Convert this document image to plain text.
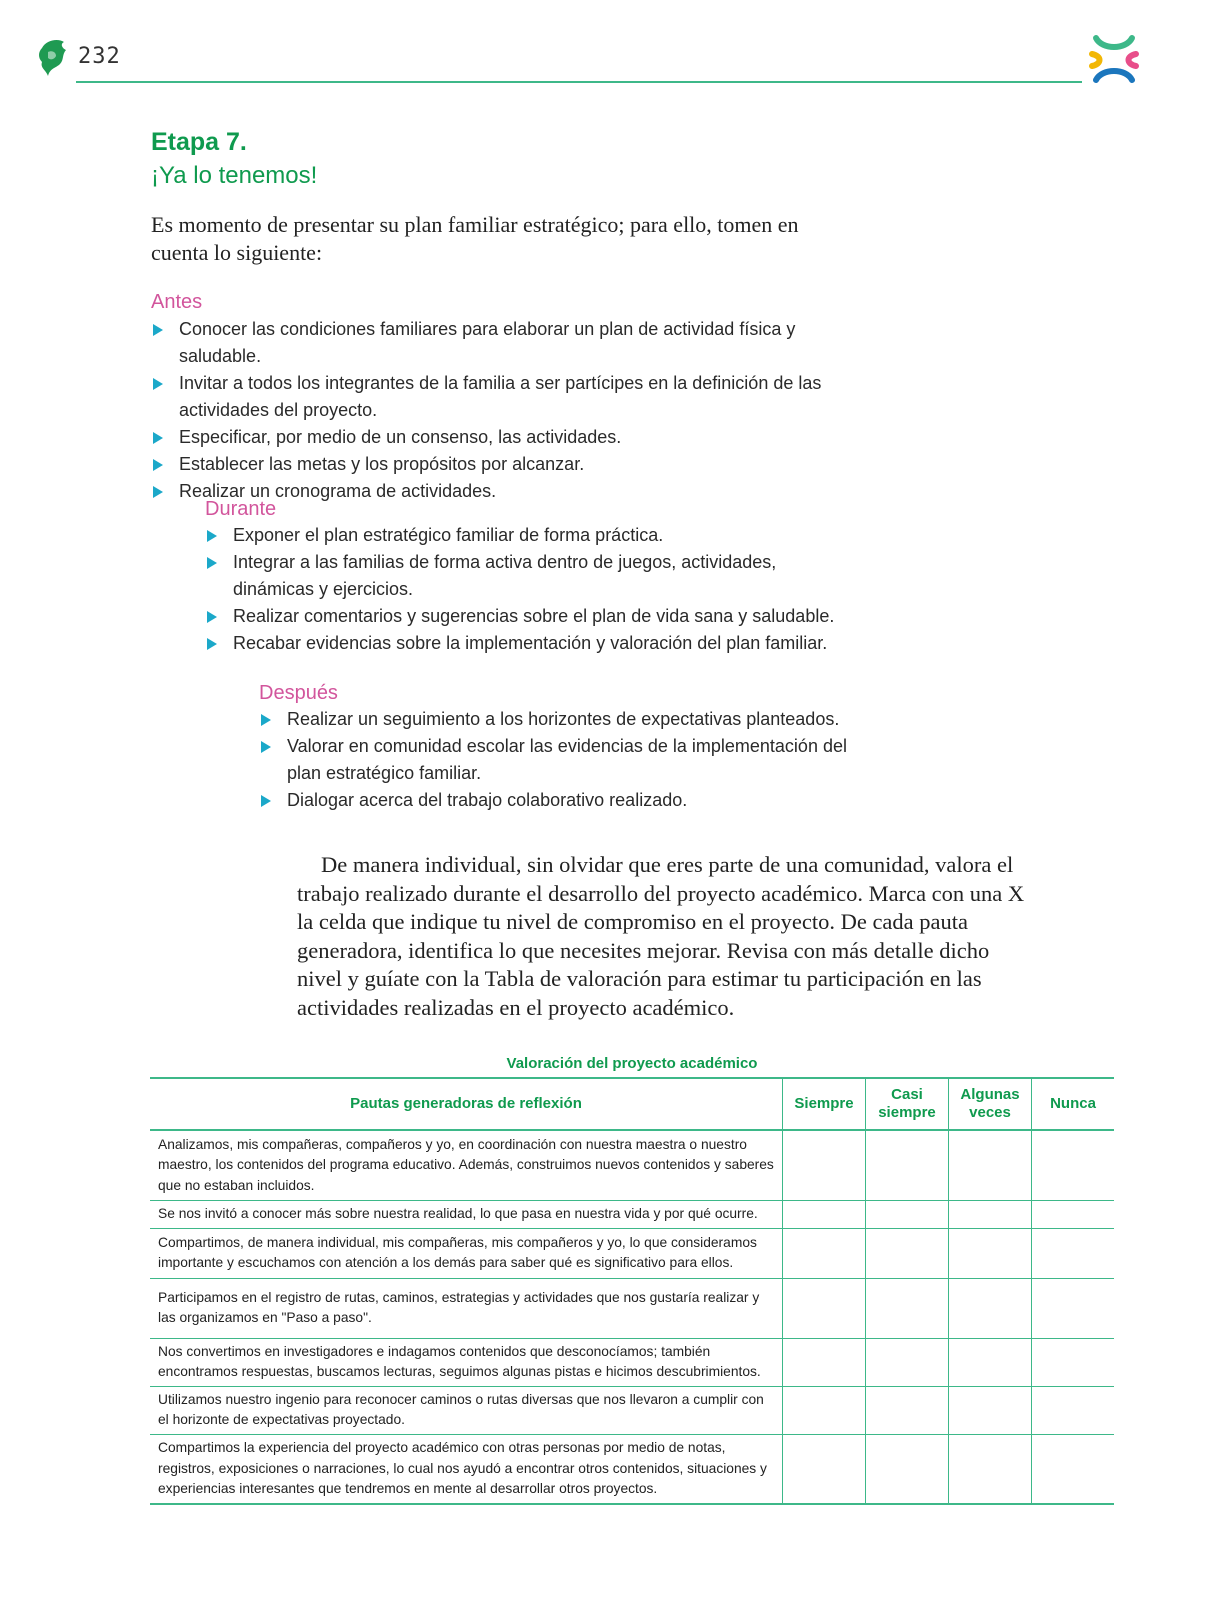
232
Etapa 7.
¡Ya lo tenemos!
Es momento de presentar su plan familiar estratégico; para ello, tomen en cuenta lo siguiente:
Antes
Conocer las condiciones familiares para elaborar un plan de actividad física y saludable.
Invitar a todos los integrantes de la familia a ser partícipes en la definición de las actividades del proyecto.
Especificar, por medio de un consenso, las actividades.
Establecer las metas y los propósitos por alcanzar.
Realizar un cronograma de actividades.
Durante
Exponer el plan estratégico familiar de forma práctica.
Integrar a las familias de forma activa dentro de juegos, actividades, dinámicas y ejercicios.
Realizar comentarios y sugerencias sobre el plan de vida sana y saludable.
Recabar evidencias sobre la implementación y valoración del plan familiar.
Después
Realizar un seguimiento a los horizontes de expectativas planteados.
Valorar en comunidad escolar las evidencias de la implementación del plan estratégico familiar.
Dialogar acerca del trabajo colaborativo realizado.
De manera individual, sin olvidar que eres parte de una comunidad, valora el trabajo realizado durante el desarrollo del proyecto académico. Marca con una X la celda que indique tu nivel de compromiso en el proyecto. De cada pauta generadora, identifica lo que necesites mejorar. Revisa con más detalle dicho nivel y guíate con la Tabla de valoración para estimar tu participación en las actividades realizadas en el proyecto académico.
Valoración del proyecto académico
Pautas generadoras de reflexión	Siempre	Casi siempre	Algunas veces	Nunca
Analizamos, mis compañeras, compañeros y yo, en coordinación con nuestra maestra o nuestro maestro, los contenidos del programa educativo. Además, construimos nuevos contenidos y saberes que no estaban incluidos.				
Se nos invitó a conocer más sobre nuestra realidad, lo que pasa en nuestra vida y por qué ocurre.				
Compartimos, de manera individual, mis compañeras, mis compañeros y yo, lo que consideramos importante y escuchamos con atención a los demás para saber qué es significativo para ellos.				
Participamos en el registro de rutas, caminos, estrategias y actividades que nos gustaría realizar y las organizamos en "Paso a paso".				
Nos convertimos en investigadores e indagamos contenidos que desconocíamos; también encontramos respuestas, buscamos lecturas, seguimos algunas pistas e hicimos descubrimientos.				
Utilizamos nuestro ingenio para reconocer caminos o rutas diversas que nos llevaron a cumplir con el horizonte de expectativas proyectado.				
Compartimos la experiencia del proyecto académico con otras personas por medio de notas, registros, exposiciones o narraciones, lo cual nos ayudó a encontrar otros contenidos, situaciones y experiencias interesantes que tendremos en mente al desarrollar otros proyectos.				
